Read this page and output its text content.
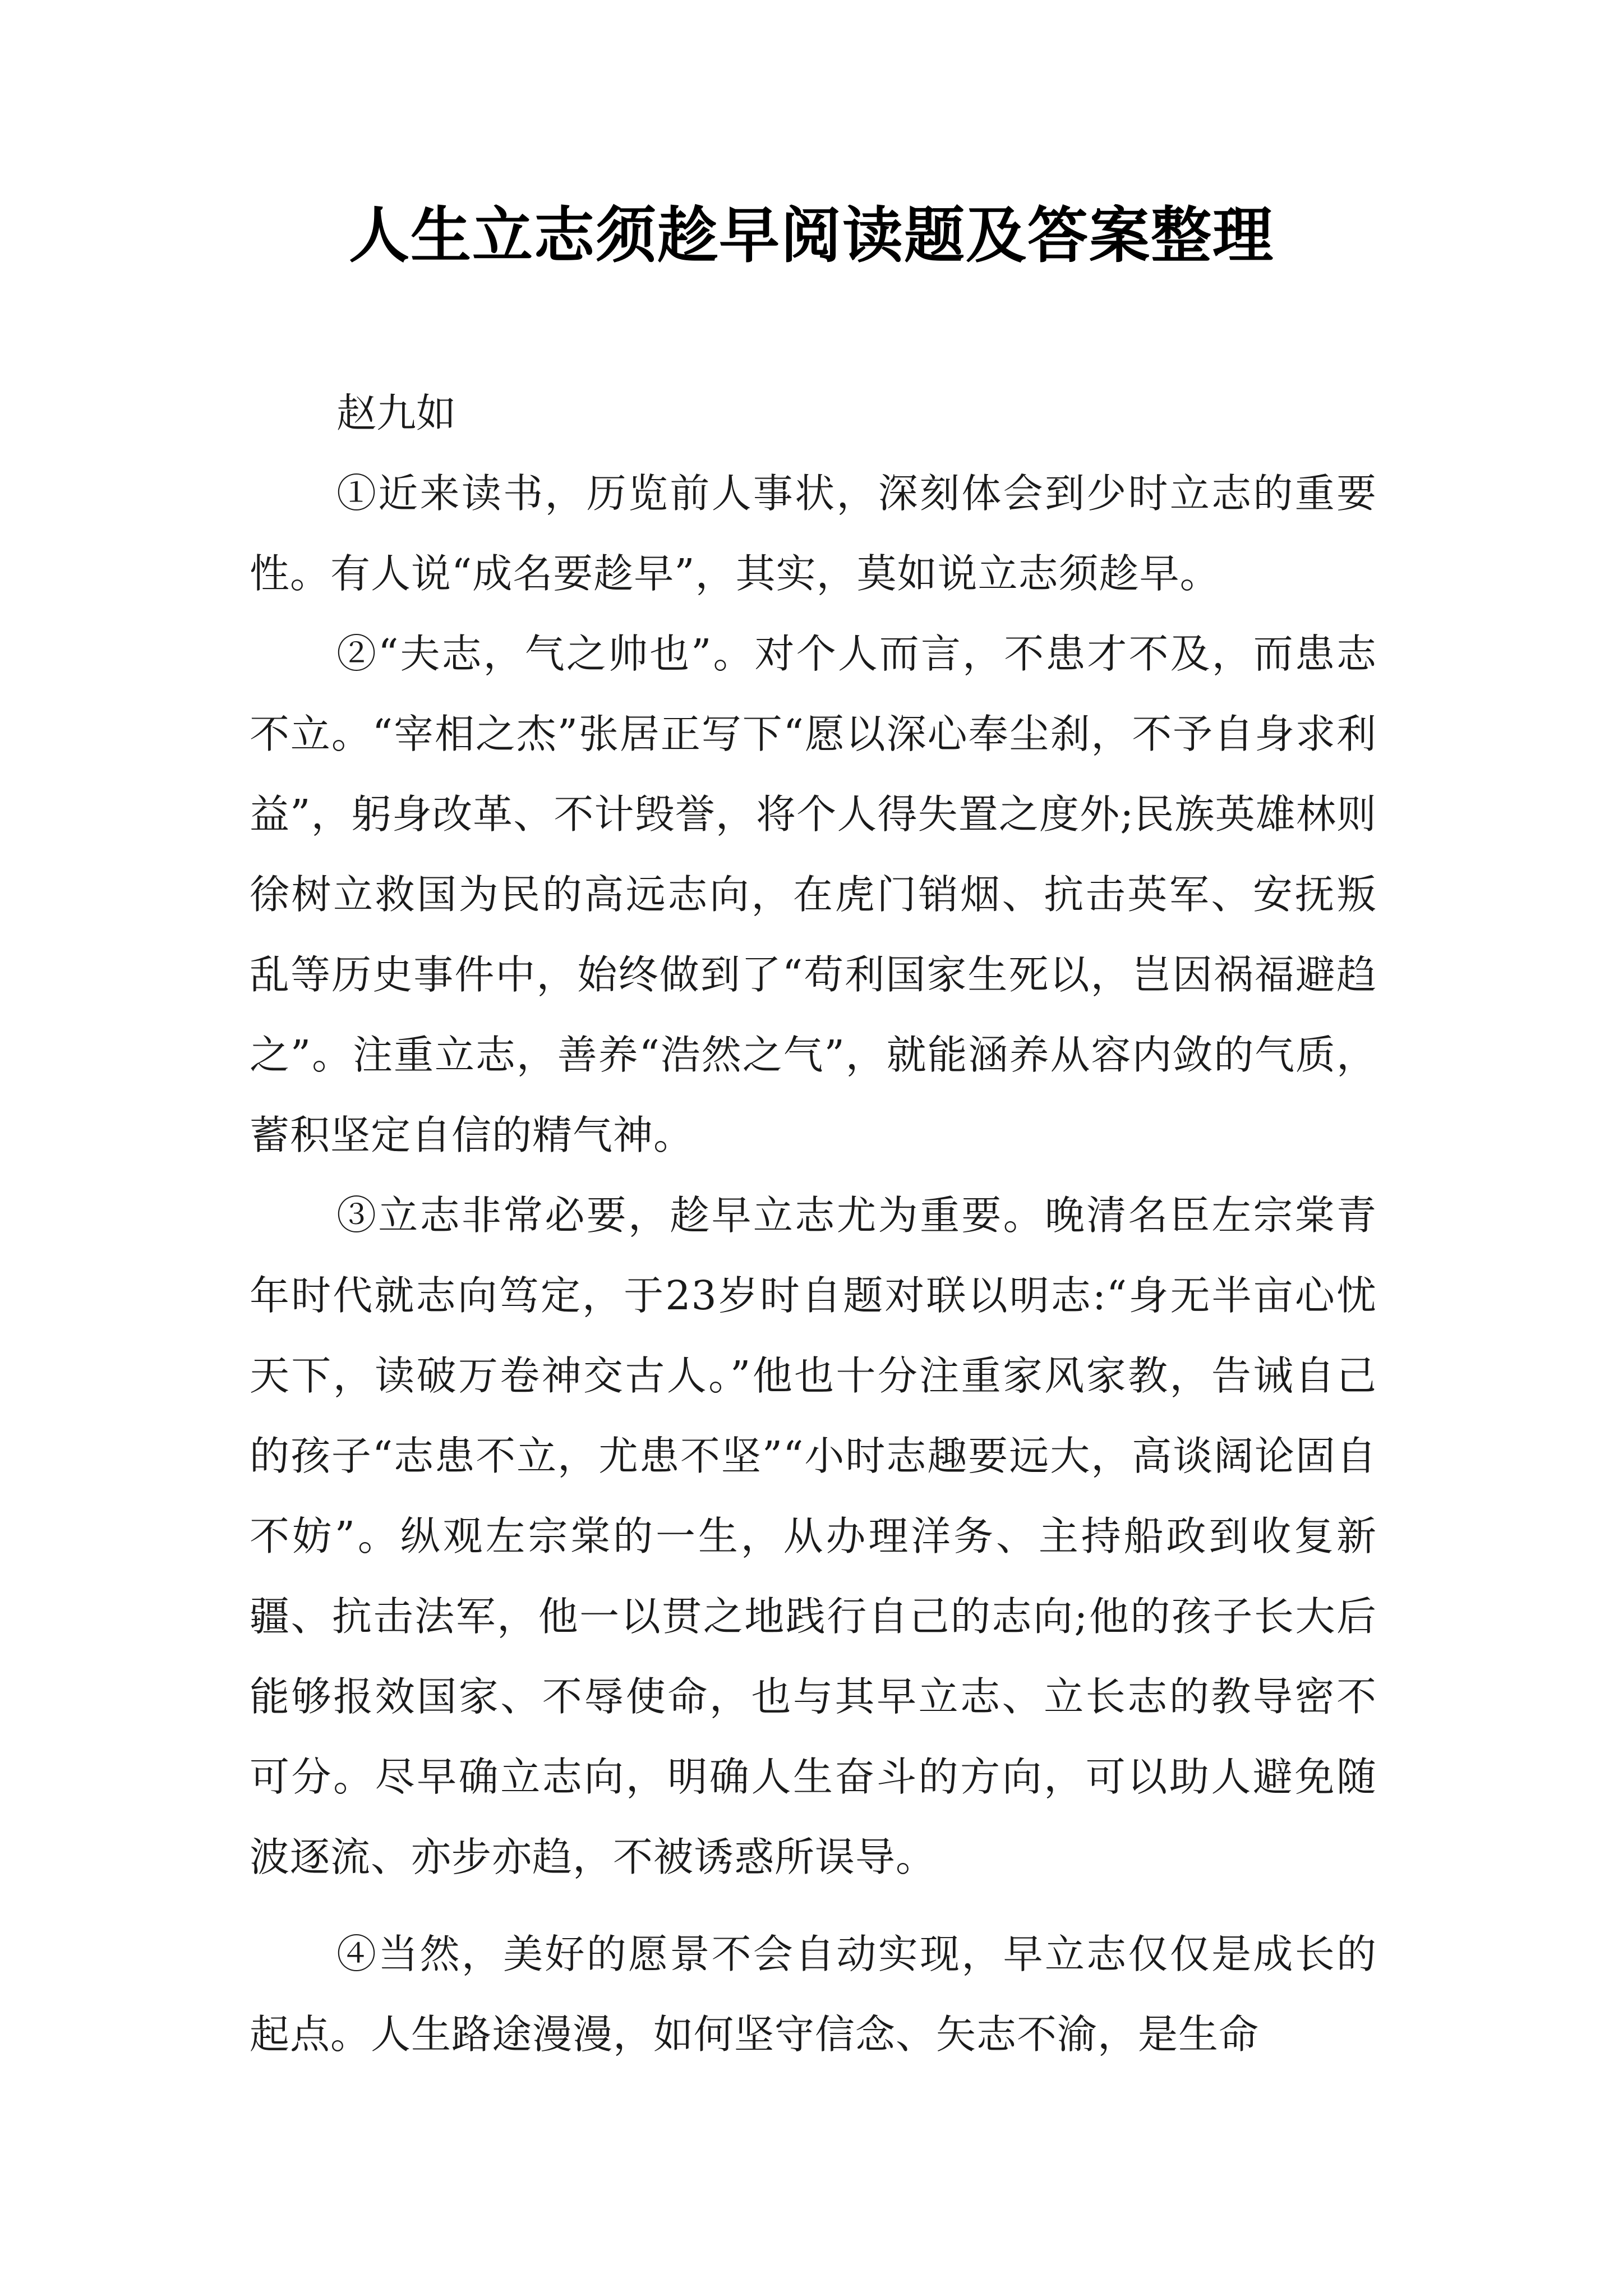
人生立志须趁早阅读题及答案整理

赵九如

①近来读书，历览前人事状，深刻体会到少时立志的重要性。有人说“成名要趁早”，其实，莫如说立志须趁早。

②“夫志，气之帅也”。对个人而言，不患才不及，而患志不立。“宰相之杰”张居正写下“愿以深心奉尘刹，不予自身求利益”，躬身改革、不计毁誉，将个人得失置之度外;民族英雄林则徐树立救国为民的高远志向，在虎门销烟、抗击英军、安抚叛乱等历史事件中，始终做到了“苟利国家生死以，岂因祸福避趋之”。注重立志，善养“浩然之气”，就能涵养从容内敛的气质，蓄积坚定自信的精气神。

③立志非常必要，趁早立志尤为重要。晚清名臣左宗棠青年时代就志向笃定，于23岁时自题对联以明志:“身无半亩心忧天下，读破万卷神交古人。”他也十分注重家风家教，告诫自己的孩子“志患不立，尤患不坚”“小时志趣要远大，高谈阔论固自不妨”。纵观左宗棠的一生，从办理洋务、主持船政到收复新疆、抗击法军，他一以贯之地践行自己的志向;他的孩子长大后能够报效国家、不辱使命，也与其早立志、立长志的教导密不可分。尽早确立志向，明确人生奋斗的方向，可以助人避免随波逐流、亦步亦趋，不被诱惑所误导。

④当然，美好的愿景不会自动实现，早立志仅仅是成长的起点。人生路途漫漫，如何坚守信念、矢志不渝，是生命
